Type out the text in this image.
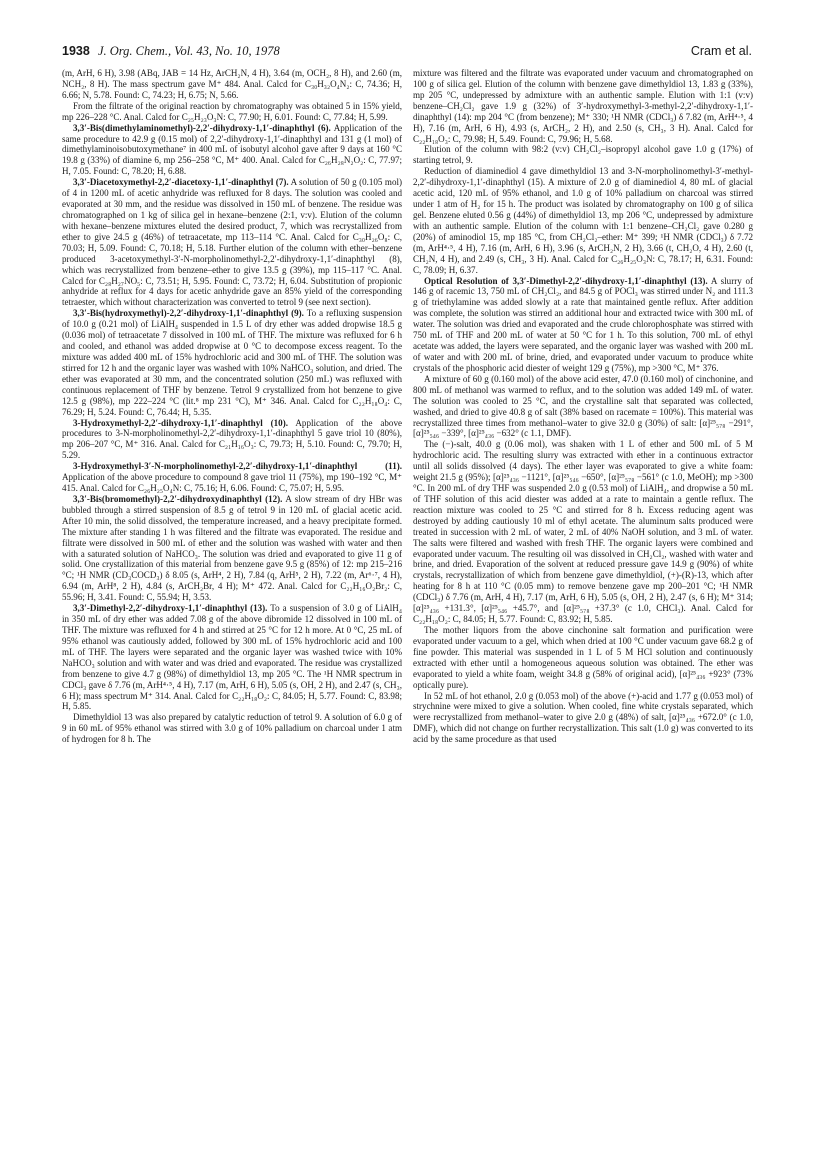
1938 J. Org. Chem., Vol. 43, No. 10, 1978	Cram et al.

(m, ArH, 6 H), 3.98 (ABq, JAB = 14 Hz, ArCH₂N, 4 H), 3.64 (m, OCH₂, 8 H), and 2.60 (m, NCH₂, 8 H). The mass spectrum gave M⁺ 484. Anal. Calcd for C₃₀H₃₂O₄N₂: C, 74.36; H, 6.66; N, 5.78. Found: C, 74.23; H, 6.75; N, 5.66.

From the filtrate of the original reaction by chromatography was obtained 5 in 15% yield, mp 226–228 °C. Anal. Calcd for C₂₅H₂₃O₃N: C, 77.90; H, 6.01. Found: C, 77.84; H, 5.99.

3,3′-Bis(dimethylaminomethyl)-2,2′-dihydroxy-1,1′-dinaphthyl (6). Application of the same procedure to 42.9 g (0.15 mol) of 2,2′-dihydroxy-1,1′-dinaphthyl and 131 g (1 mol) of dimethylaminoisobutoxymethane⁷ in 400 mL of isobutyl alcohol gave after 9 days at 160 °C 19.8 g (33%) of diamine 6, mp 256–258 °C, M⁺ 400. Anal. Calcd for C₂₆H₂₈N₂O₂: C, 77.97; H, 7.05. Found: C, 78.20; H, 6.88.

3,3′-Diacetoxymethyl-2,2′-diacetoxy-1,1′-dinaphthyl (7). A solution of 50 g (0.105 mol) of 4 in 1200 mL of acetic anhydride was refluxed for 8 days. The solution was cooled and evaporated at 30 mm, and the residue was dissolved in 150 mL of benzene. The residue was chromatographed on 1 kg of silica gel in hexane–benzene (2:1, v:v). Elution of the column with hexane–benzene mixtures eluted the desired product, 7, which was recrystallized from ether to give 24.5 g (46%) of tetraacetate, mp 113–114 °C. Anal. Calcd for C₃₀H₂₆O₈: C, 70.03; H, 5.09. Found: C, 70.18; H, 5.18. Further elution of the column with ether–benzene produced 3-acetoxymethyl-3′-N-morpholinomethyl-2,2′-dihydroxy-1,1′-dinaphthyl (8), which was recrystallized from benzene–ether to give 13.5 g (39%), mp 115–117 °C. Anal. Calcd for C₂₈H₂₇NO₅: C, 73.51; H, 5.95. Found: C, 73.72; H, 6.04. Substitution of propionic anhydride at reflux for 4 days for acetic anhydride gave an 85% yield of the corresponding tetraester, which without characterization was converted to tetrol 9 (see next section).

3,3′-Bis(hydroxymethyl)-2,2′-dihydroxy-1,1′-dinaphthyl (9). To a refluxing suspension of 10.0 g (0.21 mol) of LiAlH₄ suspended in 1.5 L of dry ether was added dropwise 18.5 g (0.036 mol) of tetraacetate 7 dissolved in 100 mL of THF. The mixture was refluxed for 6 h and cooled, and ethanol was added dropwise at 0 °C to decompose excess reagent. To the mixture was added 400 mL of 15% hydrochloric acid and 300 mL of THF. The solution was stirred for 12 h and the organic layer was washed with 10% NaHCO₃ solution, and dried. The ether was evaporated at 30 mm, and the concentrated solution (250 mL) was refluxed with continuous replacement of THF by benzene. Tetrol 9 crystallized from hot benzene to give 12.5 g (98%), mp 222–224 °C (lit.⁸ mp 231 °C), M⁺ 346. Anal. Calcd for C₂₂H₁₈O₄: C, 76.29; H, 5.24. Found: C, 76.44; H, 5.35.

3-Hydroxymethyl-2,2′-dihydroxy-1,1′-dinaphthyl (10). Application of the above procedures to 3-N-morpholinomethyl-2,2′-dihydroxy-1,1′-dinaphthyl 5 gave triol 10 (80%), mp 206–207 °C, M⁺ 316. Anal. Calcd for C₂₁H₁₆O₃: C, 79.73; H, 5.10. Found: C, 79.70; H, 5.29.

3-Hydroxymethyl-3′-N-morpholinomethyl-2,2′-dihydroxy-1,1′-dinaphthyl (11). Application of the above procedure to compound 8 gave triol 11 (75%), mp 190–192 °C, M⁺ 415. Anal. Calcd for C₂₆H₂₅O₄N: C, 75.16; H, 6.06. Found: C, 75.07; H, 5.95.

3,3′-Bis(bromomethyl)-2,2′-dihydroxydinaphthyl (12). A slow stream of dry HBr was bubbled through a stirred suspension of 8.5 g of tetrol 9 in 120 mL of glacial acetic acid. After 10 min, the solid dissolved, the temperature increased, and a heavy precipitate formed. The mixture after standing 1 h was filtered and the filtrate was evaporated. The residue and filtrate were dissolved in 500 mL of ether and the solution was washed with water and then with a saturated solution of NaHCO₃. The solution was dried and evaporated to give 11 g of solid. One crystallization of this material from benzene gave 9.5 g (85%) of 12: mp 215–216 °C; ¹H NMR (CD₃COCD₃) δ 8.05 (s, ArH⁴, 2 H), 7.84 (q, ArH⁵, 2 H), 7.22 (m, Ar⁶·⁷, 4 H), 6.94 (m, ArH⁸, 2 H), 4.84 (s, ArCH₂Br, 4 H); M⁺ 472. Anal. Calcd for C₂₂H₁₆O₂Br₂: C, 55.96; H, 3.41. Found: C, 55.94; H, 3.53.

3,3′-Dimethyl-2,2′-dihydroxy-1,1′-dinaphthyl (13). To a suspension of 3.0 g of LiAlH₄ in 350 mL of dry ether was added 7.08 g of the above dibromide 12 dissolved in 100 mL of THF. The mixture was refluxed for 4 h and stirred at 25 °C for 12 h more. At 0 °C, 25 mL of 95% ethanol was cautiously added, followed by 300 mL of 15% hydrochloric acid and 100 mL of THF. The layers were separated and the organic layer was washed twice with 10% NaHCO₃ solution and with water and was dried and evaporated. The residue was crystallized from benzene to give 4.7 g (98%) of dimethyldiol 13, mp 205 °C. The ¹H NMR spectrum in CDCl₃ gave δ 7.76 (m, ArH⁴·⁵, 4 H), 7.17 (m, ArH, 6 H), 5.05 (s, OH, 2 H), and 2.47 (s, CH₃, 6 H); mass spectrum M⁺ 314. Anal. Calcd for C₂₂H₁₈O₂: C, 84.05; H, 5.77. Found: C, 83.98; H, 5.85.

Dimethyldiol 13 was also prepared by catalytic reduction of tetrol 9. A solution of 6.0 g of 9 in 60 mL of 95% ethanol was stirred with 3.0 g of 10% palladium on charcoal under 1 atm of hydrogen for 8 h. The

mixture was filtered and the filtrate was evaporated under vacuum and chromatographed on 100 g of silica gel. Elution of the column with benzene gave dimethyldiol 13, 1.83 g (33%), mp 205 °C, undepressed by admixture with an authentic sample. Elution with 1:1 (v:v) benzene–CH₂Cl₂ gave 1.9 g (32%) of 3′-hydroxymethyl-3-methyl-2,2′-dihydroxy-1,1′-dinaphthyl (14): mp 204 °C (from benzene); M⁺ 330; ¹H NMR (CDCl₃) δ 7.82 (m, ArH⁴·⁵, 4 H), 7.16 (m, ArH, 6 H), 4.93 (s, ArCH₂, 2 H), and 2.50 (s, CH₃, 3 H). Anal. Calcd for C₂₂H₁₈O₃: C, 79.98; H, 5.49. Found: C, 79.96; H, 5.68.

Elution of the column with 98:2 (v:v) CH₂Cl₂–isopropyl alcohol gave 1.0 g (17%) of starting tetrol, 9.

Reduction of diaminediol 4 gave dimethyldiol 13 and 3-N-morpholinomethyl-3′-methyl-2,2′-dihydroxy-1,1′-dinaphthyl (15). A mixture of 2.0 g of diaminediol 4, 80 mL of glacial acetic acid, 120 mL of 95% ethanol, and 1.0 g of 10% palladium on charcoal was stirred under 1 atm of H₂ for 15 h. The product was isolated by chromatography on 100 g of silica gel. Benzene eluted 0.56 g (44%) of dimethyldiol 13, mp 206 °C, undepressed by admixture with an authentic sample. Elution of the column with 1:1 benzene–CH₂Cl₂ gave 0.280 g (20%) of aminodiol 15, mp 185 °C, from CH₂Cl₂–ether: M⁺ 399; ¹H NMR (CDCl₃) δ 7.72 (m, ArH⁴·⁵, 4 H), 7.16 (m, ArH, 6 H), 3.96 (s, ArCH₂N, 2 H), 3.66 (t, CH₂O, 4 H), 2.60 (t, CH₂N, 4 H), and 2.49 (s, CH₃, 3 H). Anal. Calcd for C₂₆H₂₅O₃N: C, 78.17; H, 6.31. Found: C, 78.09; H, 6.37.

Optical Resolution of 3,3′-Dimethyl-2,2′-dihydroxy-1,1′-dinaphthyl (13). A slurry of 146 g of racemic 13, 750 mL of CH₂Cl₂, and 84.5 g of POCl₃ was stirred under N₂ and 111.3 g of triethylamine was added slowly at a rate that maintained gentle reflux. After addition was complete, the solution was stirred an additional hour and extracted twice with 300 mL of water. The solution was dried and evaporated and the crude chlorophosphate was stirred with 750 mL of THF and 200 mL of water at 50 °C for 1 h. To this solution, 700 mL of ethyl acetate was added, the layers were separated, and the organic layer was washed with 200 mL of water and with 200 mL of brine, dried, and evaporated under vacuum to produce white crystals of the phosphoric acid diester of weight 129 g (75%), mp >300 °C, M⁺ 376.

A mixture of 60 g (0.160 mol) of the above acid ester, 47.0 (0.160 mol) of cinchonine, and 800 mL of methanol was warmed to reflux, and to the solution was added 149 mL of water. The solution was cooled to 25 °C, and the crystalline salt that separated was collected, washed, and dried to give 40.8 g of salt (38% based on racemate = 100%). This material was recrystallized three times from methanol–water to give 32.0 g (30%) of salt: [α]²⁵₅₇₈ −291°, [α]²⁵₅₄₆ −339°, [α]²⁵₄₃₆ −632° (c 1.1, DMF).

The (−)-salt, 40.0 g (0.06 mol), was shaken with 1 L of ether and 500 mL of 5 M hydrochloric acid. The resulting slurry was extracted with ether in a continuous extractor until all solids dissolved (4 days). The ether layer was evaporated to give a white foam: weight 21.5 g (95%); [α]²⁵₄₃₆ −1121°, [α]²⁵₅₄₆ −650°, [α]²⁵₅₇₈ −561° (c 1.0, MeOH); mp >300 °C. In 200 mL of dry THF was suspended 2.0 g (0.53 mol) of LiAlH₄, and dropwise a 50 mL of THF solution of this acid diester was added at a rate to maintain a gentle reflux. The reaction mixture was cooled to 25 °C and stirred for 8 h. Excess reducing agent was destroyed by adding cautiously 10 ml of ethyl acetate. The aluminum salts produced were treated in succession with 2 mL of water, 2 mL of 40% NaOH solution, and 3 mL of water. The salts were filtered and washed with fresh THF. The organic layers were combined and evaporated under vacuum. The resulting oil was dissolved in CH₂Cl₂, washed with water and brine, and dried. Evaporation of the solvent at reduced pressure gave 14.9 g (90%) of white crystals, recrystallization of which from benzene gave dimethyldiol, (+)-(R)-13, which after heating for 8 h at 110 °C (0.05 mm) to remove benzene gave mp 200–201 °C; ¹H NMR (CDCl₃) δ 7.76 (m, ArH, 4 H), 7.17 (m, ArH, 6 H), 5.05 (s, OH, 2 H), 2.47 (s, 6 H); M⁺ 314; [α]²⁵₄₃₆ +131.3°, [α]²⁵₅₄₆ +45.7°, and [α]²⁵₅₇₈ +37.3° (c 1.0, CHCl₃). Anal. Calcd for C₂₂H₁₈O₂: C, 84.05; H, 5.77. Found: C, 83.92; H, 5.85.

The mother liquors from the above cinchonine salt formation and purification were evaporated under vacuum to a gel, which when dried at 100 °C under vacuum gave 68.2 g of fine powder. This material was suspended in 1 L of 5 M HCl solution and continuously extracted with ether until a homogeneous aqueous solution was obtained. The ether was evaporated to yield a white foam, weight 34.8 g (58% of original acid), [α]²⁵₄₃₆ +923° (73% optically pure).

In 52 mL of hot ethanol, 2.0 g (0.053 mol) of the above (+)-acid and 1.77 g (0.053 mol) of strychnine were mixed to give a solution. When cooled, fine white crystals separated, which were recrystallized from methanol–water to give 2.0 g (48%) of salt, [α]²⁵₄₃₆ +672.0° (c 1.0, DMF), which did not change on further recrystallization. This salt (1.0 g) was converted to its acid by the same procedure as that used
